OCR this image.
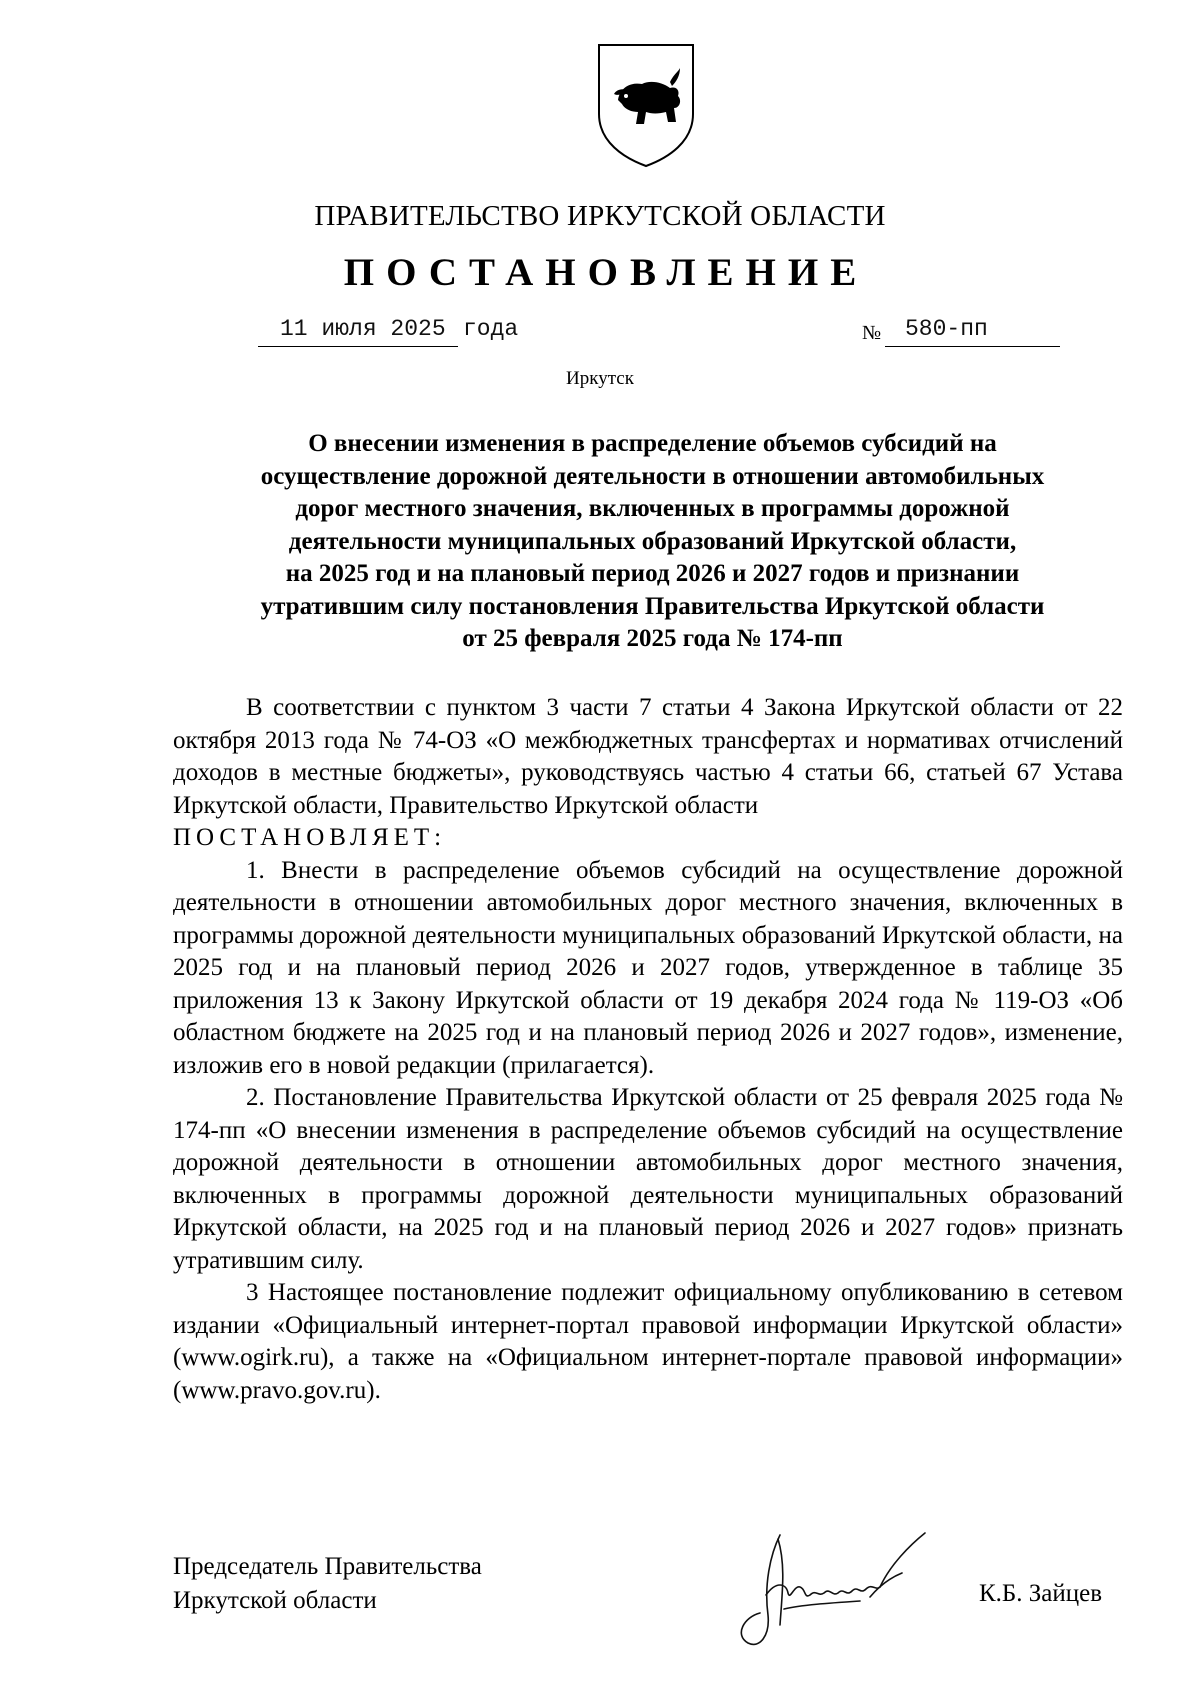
ПРАВИТЕЛЬСТВО ИРКУТСКОЙ ОБЛАСТИ
ПОСТАНОВЛЕНИЕ
11 июля 2025 года	№ 580-пп
Иркутск
О внесении изменения в распределение объемов субсидий на
осуществление дорожной деятельности в отношении автомобильных
дорог местного значения, включенных в программы дорожной
деятельности муниципальных образований Иркутской области,
на 2025 год и на плановый период 2026 и 2027 годов и признании
утратившим силу постановления Правительства Иркутской области
от 25 февраля 2025 года № 174-пп

В соответствии с пунктом 3 части 7 статьи 4 Закона Иркутской области от 22 октября 2013 года № 74-ОЗ «О межбюджетных трансфертах и нормативах отчислений доходов в местные бюджеты», руководствуясь частью 4 статьи 66, статьей 67 Устава Иркутской области, Правительство Иркутской области

ПОСТАНОВЛЯЕТ:

1. Внести в распределение объемов субсидий на осуществление дорожной деятельности в отношении автомобильных дорог местного значения, включенных в программы дорожной деятельности муниципальных образований Иркутской области, на 2025 год и на плановый период 2026 и 2027 годов, утвержденное в таблице 35 приложения 13 к Закону Иркутской области от 19 декабря 2024 года № 119-ОЗ «Об областном бюджете на 2025 год и на плановый период 2026 и 2027 годов», изменение, изложив его в новой редакции (прилагается).

2. Постановление Правительства Иркутской области от 25 февраля 2025 года № 174-пп «О внесении изменения в распределение объемов субсидий на осуществление дорожной деятельности в отношении автомобильных дорог местного значения, включенных в программы дорожной деятельности муниципальных образований Иркутской области, на 2025 год и на плановый период 2026 и 2027 годов» признать утратившим силу.

3 Настоящее постановление подлежит официальному опубликованию в сетевом издании «Официальный интернет-портал правовой информации Иркутской области» (www.ogirk.ru), а также на «Официальном интернет-портале правовой информации» (www.pravo.gov.ru).

Председатель Правительства
Иркутской области	К.Б. Зайцев
